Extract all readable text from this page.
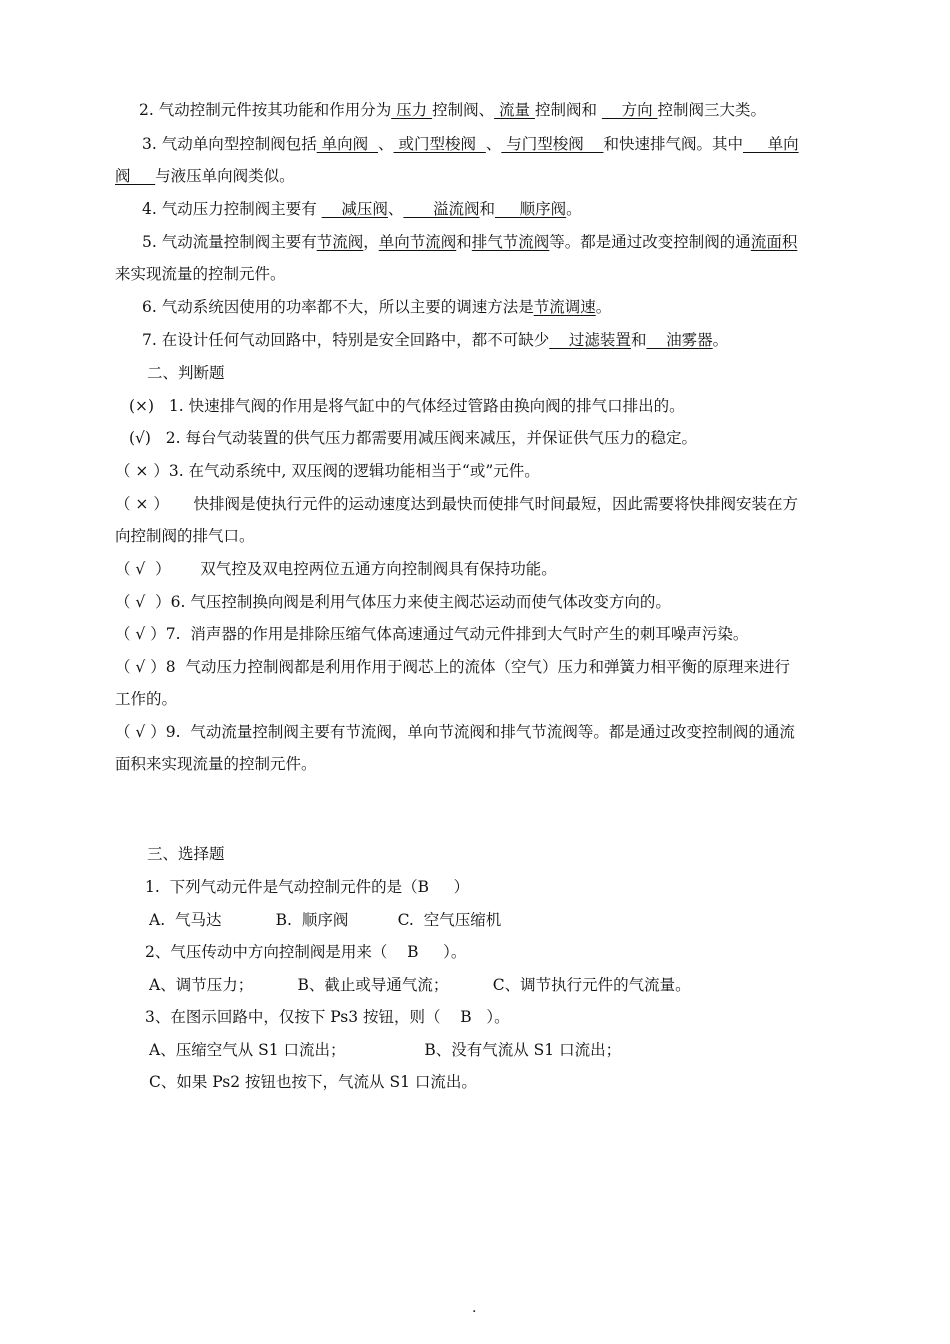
2. 气动控制元件按其功能和作用分为 压力 控制阀、 流量 控制阀和     方向 控制阀三大类。
3. 气动单向型控制阀包括 单向阀  、 或门型梭阀  、 与门型梭阀    和快速排气阀。其中     单向
阀     与液压单向阀类似。
4. 气动压力控制阀主要有     减压阀、      溢流阀和     顺序阀。
5. 气动流量控制阀主要有节流阀，单向节流阀和排气节流阀等。都是通过改变控制阀的通流面积
来实现流量的控制元件。
6. 气动系统因使用的功率都不大，所以主要的调速方法是节流调速。
7. 在设计任何气动回路中，特别是安全回路中，都不可缺少    过滤装置和    油雾器。
二、判断题
(×)   1. 快速排气阀的作用是将气缸中的气体经过管路由换向阀的排气口排出的。
(√)   2. 每台气动装置的供气压力都需要用减压阀来减压，并保证供气压力的稳定。
（ × ）3. 在气动系统中, 双压阀的逻辑功能相当于“或”元件。
（ × ）     快排阀是使执行元件的运动速度达到最快而使排气时间最短，因此需要将快排阀安装在方
向控制阀的排气口。
（ √  ）      双气控及双电控两位五通方向控制阀具有保持功能。
（ √  ）6. 气压控制换向阀是利用气体压力来使主阀芯运动而使气体改变方向的。
（ √ ）7.  消声器的作用是排除压缩气体高速通过气动元件排到大气时产生的刺耳噪声污染。
（ √ ）8  气动压力控制阀都是利用作用于阀芯上的流体（空气）压力和弹簧力相平衡的原理来进行
工作的。
（ √ ）9.  气动流量控制阀主要有节流阀，单向节流阀和排气节流阀等。都是通过改变控制阀的通流
面积来实现流量的控制元件。
三、选择题
1.  下列气动元件是气动控制元件的是（B     ）
A.  气马达           B.  顺序阀          C.  空气压缩机
2、气压传动中方向控制阀是用来（    B     ）。
A、调节压力；         B、截止或导通气流；         C、调节执行元件的气流量。
3、在图示回路中，仅按下 Ps3 按钮，则（    B   ）。
A、压缩空气从 S1 口流出；                B、没有气流从 S1 口流出；
C、如果 Ps2 按钮也按下，气流从 S1 口流出。
.
